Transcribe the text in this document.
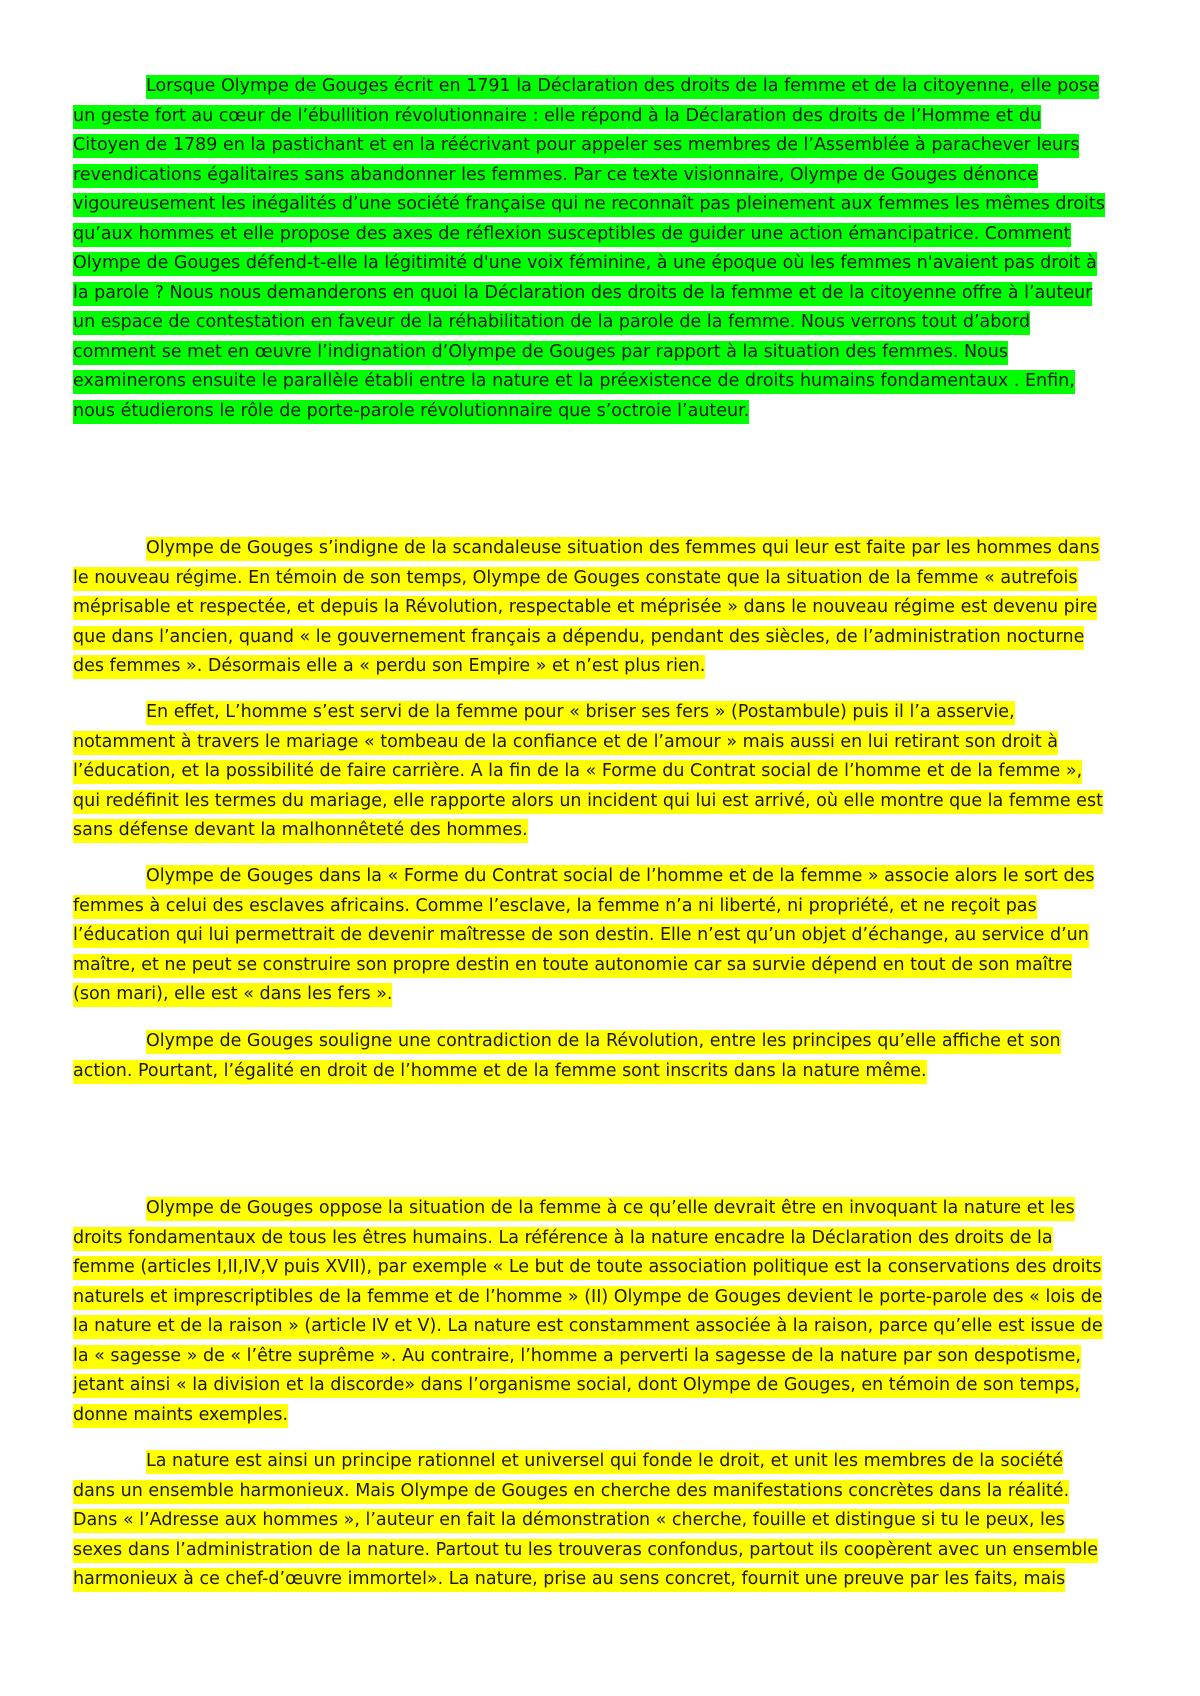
Lorsque Olympe de Gouges écrit en 1791 la Déclaration des droits de la femme et de la citoyenne, elle pose
un geste fort au cœur de l’ébullition révolutionnaire : elle répond à la Déclaration des droits de l’Homme et du
Citoyen de 1789 en la pastichant et en la réécrivant pour appeler ses membres de l’Assemblée à parachever leurs
revendications égalitaires sans abandonner les femmes. Par ce texte visionnaire, Olympe de Gouges dénonce
vigoureusement les inégalités d’une société française qui ne reconnaît pas pleinement aux femmes les mêmes droits
qu’aux hommes et elle propose des axes de réflexion susceptibles de guider une action émancipatrice. Comment
Olympe de Gouges défend-t-elle la légitimité d'une voix féminine, à une époque où les femmes n'avaient pas droit à
la parole ? Nous nous demanderons en quoi la Déclaration des droits de la femme et de la citoyenne offre à l’auteur
un espace de contestation en faveur de la réhabilitation de la parole de la femme. Nous verrons tout d’abord
comment se met en œuvre l’indignation d’Olympe de Gouges par rapport à la situation des femmes. Nous
examinerons ensuite le parallèle établi entre la nature et la préexistence de droits humains fondamentaux . Enfin,
nous étudierons le rôle de porte-parole révolutionnaire que s’octroie l’auteur.
Olympe de Gouges s’indigne de la scandaleuse situation des femmes qui leur est faite par les hommes dans
le nouveau régime. En témoin de son temps, Olympe de Gouges constate que la situation de la femme « autrefois
méprisable et respectée, et depuis la Révolution, respectable et méprisée » dans le nouveau régime est devenu pire
que dans l’ancien, quand « le gouvernement français a dépendu, pendant des siècles, de l’administration nocturne
des femmes ». Désormais elle a « perdu son Empire » et n’est plus rien.
En effet, L’homme s’est servi de la femme pour « briser ses fers » (Postambule) puis il l’a asservie,
notamment à travers le mariage « tombeau de la confiance et de l’amour » mais aussi en lui retirant son droit à
l’éducation, et la possibilité de faire carrière. A la fin de la « Forme du Contrat social de l’homme et de la femme »,
qui redéfinit les termes du mariage, elle rapporte alors un incident qui lui est arrivé, où elle montre que la femme est
sans défense devant la malhonnêteté des hommes.
Olympe de Gouges dans la « Forme du Contrat social de l’homme et de la femme » associe alors le sort des
femmes à celui des esclaves africains. Comme l’esclave, la femme n’a ni liberté, ni propriété, et ne reçoit pas
l’éducation qui lui permettrait de devenir maîtresse de son destin. Elle n’est qu’un objet d’échange, au service d’un
maître, et ne peut se construire son propre destin en toute autonomie car sa survie dépend en tout de son maître
(son mari), elle est « dans les fers ».
Olympe de Gouges souligne une contradiction de la Révolution, entre les principes qu’elle affiche et son
action. Pourtant, l’égalité en droit de l’homme et de la femme sont inscrits dans la nature même.
Olympe de Gouges oppose la situation de la femme à ce qu’elle devrait être en invoquant la nature et les
droits fondamentaux de tous les êtres humains. La référence à la nature encadre la Déclaration des droits de la
femme (articles I,II,IV,V puis XVII), par exemple « Le but de toute association politique est la conservations des droits
naturels et imprescriptibles de la femme et de l’homme » (II) Olympe de Gouges devient le porte-parole des « lois de
la nature et de la raison » (article IV et V). La nature est constamment associée à la raison, parce qu’elle est issue de
la « sagesse » de « l’être suprême ». Au contraire, l’homme a perverti la sagesse de la nature par son despotisme,
jetant ainsi « la division et la discorde» dans l’organisme social, dont Olympe de Gouges, en témoin de son temps,
donne maints exemples.
La nature est ainsi un principe rationnel et universel qui fonde le droit, et unit les membres de la société
dans un ensemble harmonieux. Mais Olympe de Gouges en cherche des manifestations concrètes dans la réalité.
Dans « l’Adresse aux hommes », l’auteur en fait la démonstration « cherche, fouille et distingue si tu le peux, les
sexes dans l’administration de la nature. Partout tu les trouveras confondus, partout ils coopèrent avec un ensemble
harmonieux à ce chef-d’œuvre immortel». La nature, prise au sens concret, fournit une preuve par les faits, mais
